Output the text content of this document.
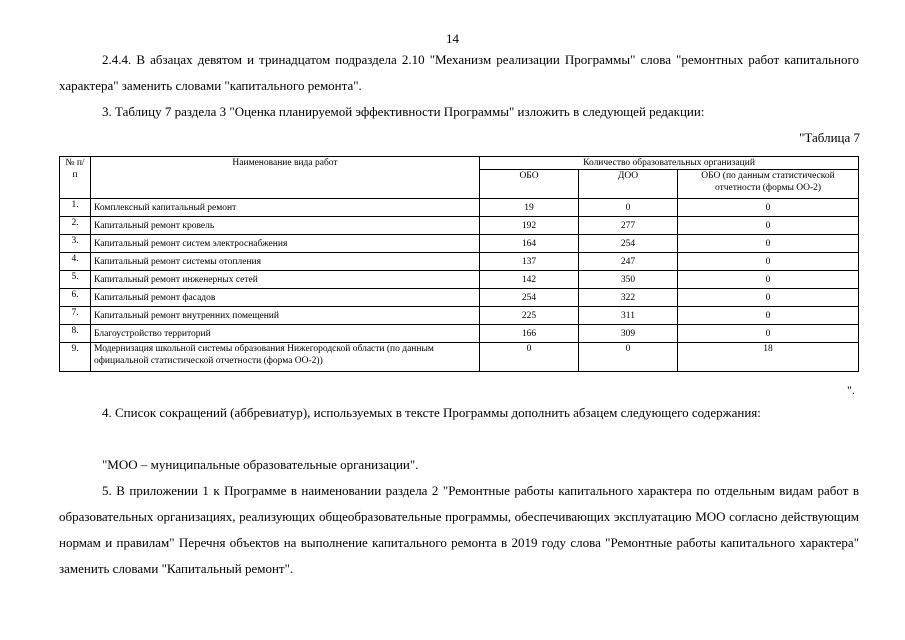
14
2.4.4. В абзацах девятом и тринадцатом подраздела 2.10 "Механизм реализации Программы" слова "ремонтных работ капитального характера" заменить словами "капитального ремонта".
3. Таблицу 7 раздела 3 "Оценка планируемой эффективности Программы" изложить в следующей редакции:
"Таблица 7
№ п/п	Наименование вида работ	Количество образовательных организаций		
		ОБО	ДОО	ОБО (по данным статистической отчетности (формы ОО-2)
1.	Комплексный капитальный ремонт	19	0	0
2.	Капитальный ремонт кровель	192	277	0
3.	Капитальный ремонт систем электроснабжения	164	254	0
4.	Капитальный ремонт системы отопления	137	247	0
5.	Капитальный ремонт инженерных сетей	142	350	0
6.	Капитальный ремонт фасадов	254	322	0
7.	Капитальный ремонт внутренних помещений	225	311	0
8.	Благоустройство территорий	166	309	0
9.	Модернизация школьной системы образования Нижегородской области (по данным официальной статистической отчетности (форма ОО-2))	0	0	18
".
4. Список сокращений (аббревиатур), используемых в тексте Программы дополнить абзацем следующего содержания:
"МОО – муниципальные образовательные организации".
5. В приложении 1 к Программе в наименовании раздела 2 "Ремонтные работы капитального характера по отдельным видам работ в образовательных организациях, реализующих общеобразовательные программы, обеспечивающих эксплуатацию МОО согласно действующим нормам и правилам" Перечня объектов на выполнение капитального ремонта в 2019 году слова "Ремонтные работы капитального характера" заменить словами "Капитальный ремонт".
